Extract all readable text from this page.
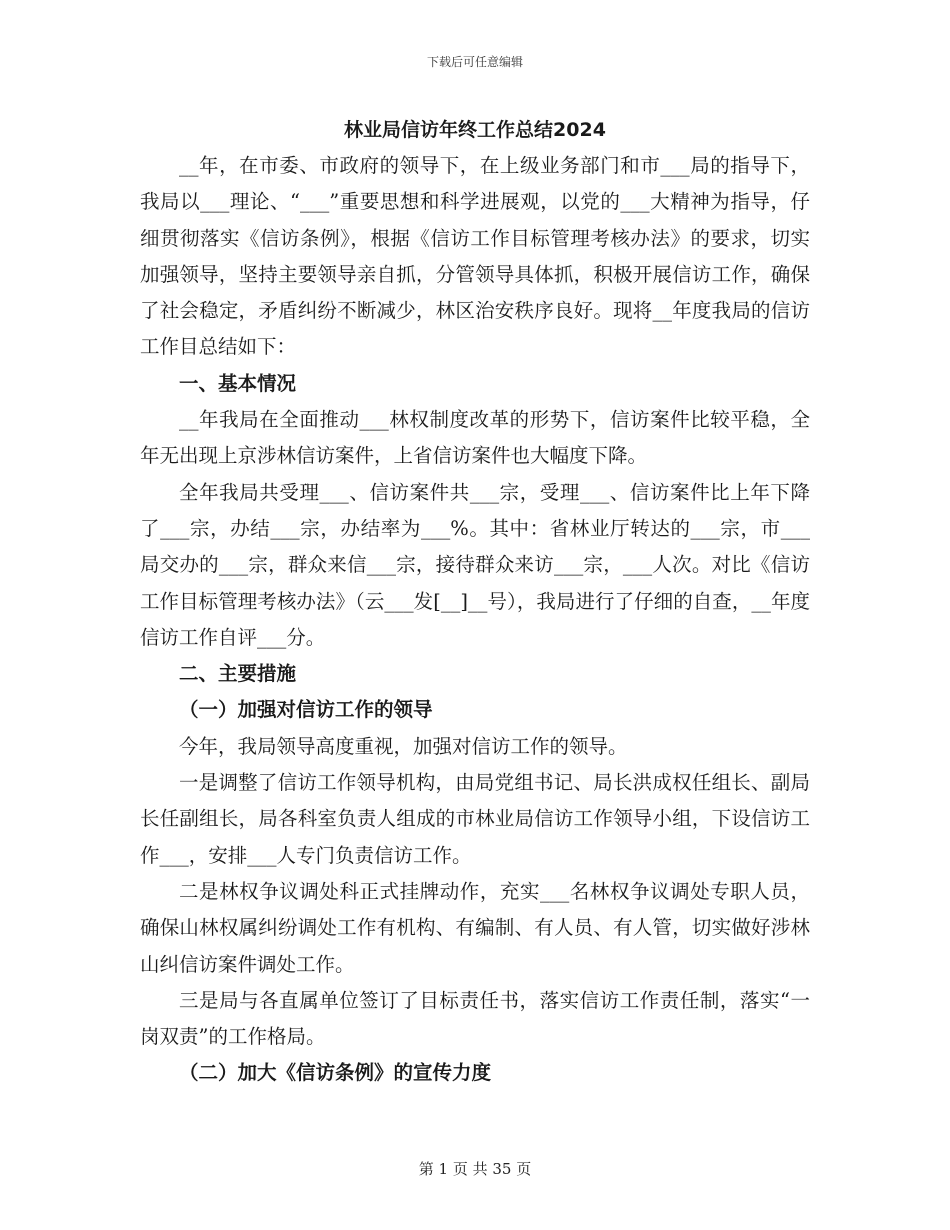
下载后可任意编辑
林业局信访年终工作总结2024

__年，在市委、市政府的领导下，在上级业务部门和市___局的指导下，我局以___理论、“___”重要思想和科学进展观，以党的___大精神为指导，仔细贯彻落实《信访条例》，根据《信访工作目标管理考核办法》的要求，切实加强领导，坚持主要领导亲自抓，分管领导具体抓，积极开展信访工作，确保了社会稳定，矛盾纠纷不断减少，林区治安秩序良好。现将__年度我局的信访工作目总结如下：

一、基本情况

__年我局在全面推动___林权制度改革的形势下，信访案件比较平稳，全年无出现上京涉林信访案件，上省信访案件也大幅度下降。

全年我局共受理___、信访案件共___宗，受理___、信访案件比上年下降了___宗，办结___宗，办结率为___%。其中：省林业厅转达的___宗，市___局交办的___宗，群众来信___宗，接待群众来访___宗，___人次。对比《信访工作目标管理考核办法》（云___发[__]__号），我局进行了仔细的自查，__年度信访工作自评___分。

二、主要措施

（一）加强对信访工作的领导

今年，我局领导高度重视，加强对信访工作的领导。

一是调整了信访工作领导机构，由局党组书记、局长洪成权任组长、副局长任副组长，局各科室负责人组成的市林业局信访工作领导小组，下设信访工作___，安排___人专门负责信访工作。

二是林权争议调处科正式挂牌动作，充实___名林权争议调处专职人员，确保山林权属纠纷调处工作有机构、有编制、有人员、有人管，切实做好涉林山纠信访案件调处工作。

三是局与各直属单位签订了目标责任书，落实信访工作责任制，落实“一岗双责”的工作格局。

（二）加大《信访条例》的宣传力度

第 1 页 共 35 页
